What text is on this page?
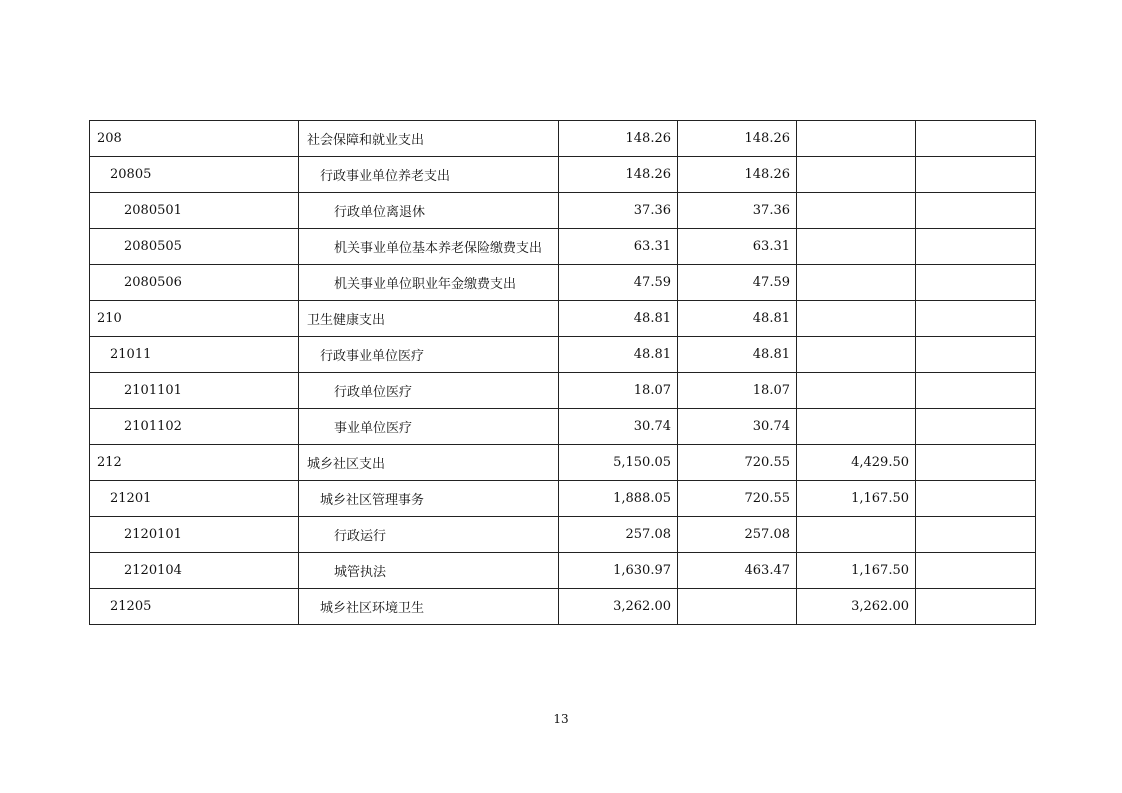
208	社会保障和就业支出	148.26	148.26		
20805	行政事业单位养老支出	148.26	148.26		
2080501	行政单位离退休	37.36	37.36		
2080505	机关事业单位基本养老保险缴费支出	63.31	63.31		
2080506	机关事业单位职业年金缴费支出	47.59	47.59		
210	卫生健康支出	48.81	48.81		
21011	行政事业单位医疗	48.81	48.81		
2101101	行政单位医疗	18.07	18.07		
2101102	事业单位医疗	30.74	30.74		
212	城乡社区支出	5,150.05	720.55	4,429.50	
21201	城乡社区管理事务	1,888.05	720.55	1,167.50	
2120101	行政运行	257.08	257.08		
2120104	城管执法	1,630.97	463.47	1,167.50	
21205	城乡社区环境卫生	3,262.00		3,262.00	
13
